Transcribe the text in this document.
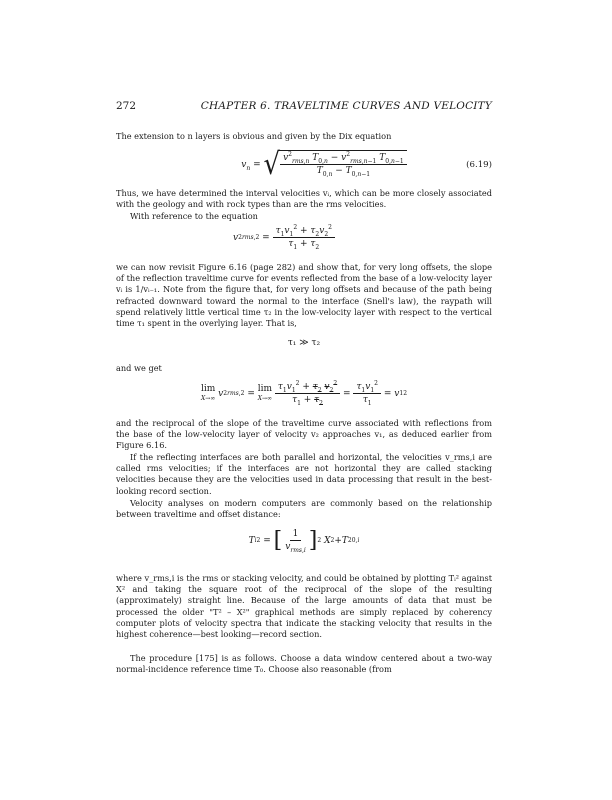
272	CHAPTER 6. TRAVELTIME CURVES AND VELOCITY

The extension to n layers is obvious and given by the Dix equation

$v_n$ = √ $\frac{v^2_{rms,n} T_{0,n} - v^2_{rms,n-1} T_{0,n-1}}{T_{0,n} - T_{0,n-1}}$	(6.19)

Thus, we have determined the interval velocities vᵢ, which can be more closely associated with the geology and with rock types than are the rms velocities.

With reference to the equation

v 2 $rms,2 = \frac{\tau_1v_1^2 + \tau_2v_2^2}{\tau_1 + \tau_2}$

we can now revisit Figure 6.16 (page 282) and show that, for very long offsets, the slope of the reflection traveltime curve for events reflected from the base of a low-velocity layer vᵢ is 1/vᵢ₋₁. Note from the figure that, for very long offsets and because of the path being refracted downward toward the normal to the interface (Snell's law), the raypath will spend relatively little vertical time τ₂ in the low-velocity layer with respect to the vertical time τ₁ spent in the overlying layer. That is,

τ₁ ≫ τ₂

and we get

lim
X→∞
v 2 rms,2 = lim
X→∞
$\frac{\tau_1v_1^2 + \tau_2 v_2^2}{\tau_1 + \tau_2} = \frac{\tau_1v_1^2}{\tau_1} = v$ 1 2

and the reciprocal of the slope of the traveltime curve associated with reflections from the base of the low-velocity layer of velocity v₂ approaches v₁, as deduced earlier from Figure 6.16.

If the reflecting interfaces are both parallel and horizontal, the velocities v_rms,i are called rms velocities; if the interfaces are not horizontal they are called stacking velocities because they are the velocities used in data processing that result in the best-looking record section.

Velocity analyses on modern computers are commonly based on the relationship between traveltime and offset distance:

T i 2 = [ $\frac{1}{v_{rms,i}}$ ] 2
X 2 + T 2 0,i

where v_rms,i is the rms or stacking velocity, and could be obtained by plotting Tᵢ² against X² and taking the square root of the reciprocal of the slope of the resulting (approximately) straight line. Because of the large amounts of data that must be processed the older "T² – X²" graphical methods are simply replaced by coherency computer plots of velocity spectra that indicate the stacking velocity that results in the highest coherence—best looking—record section.

The procedure [175] is as follows. Choose a data window centered about a two-way normal-incidence reference time T₀. Choose also reasonable (from
